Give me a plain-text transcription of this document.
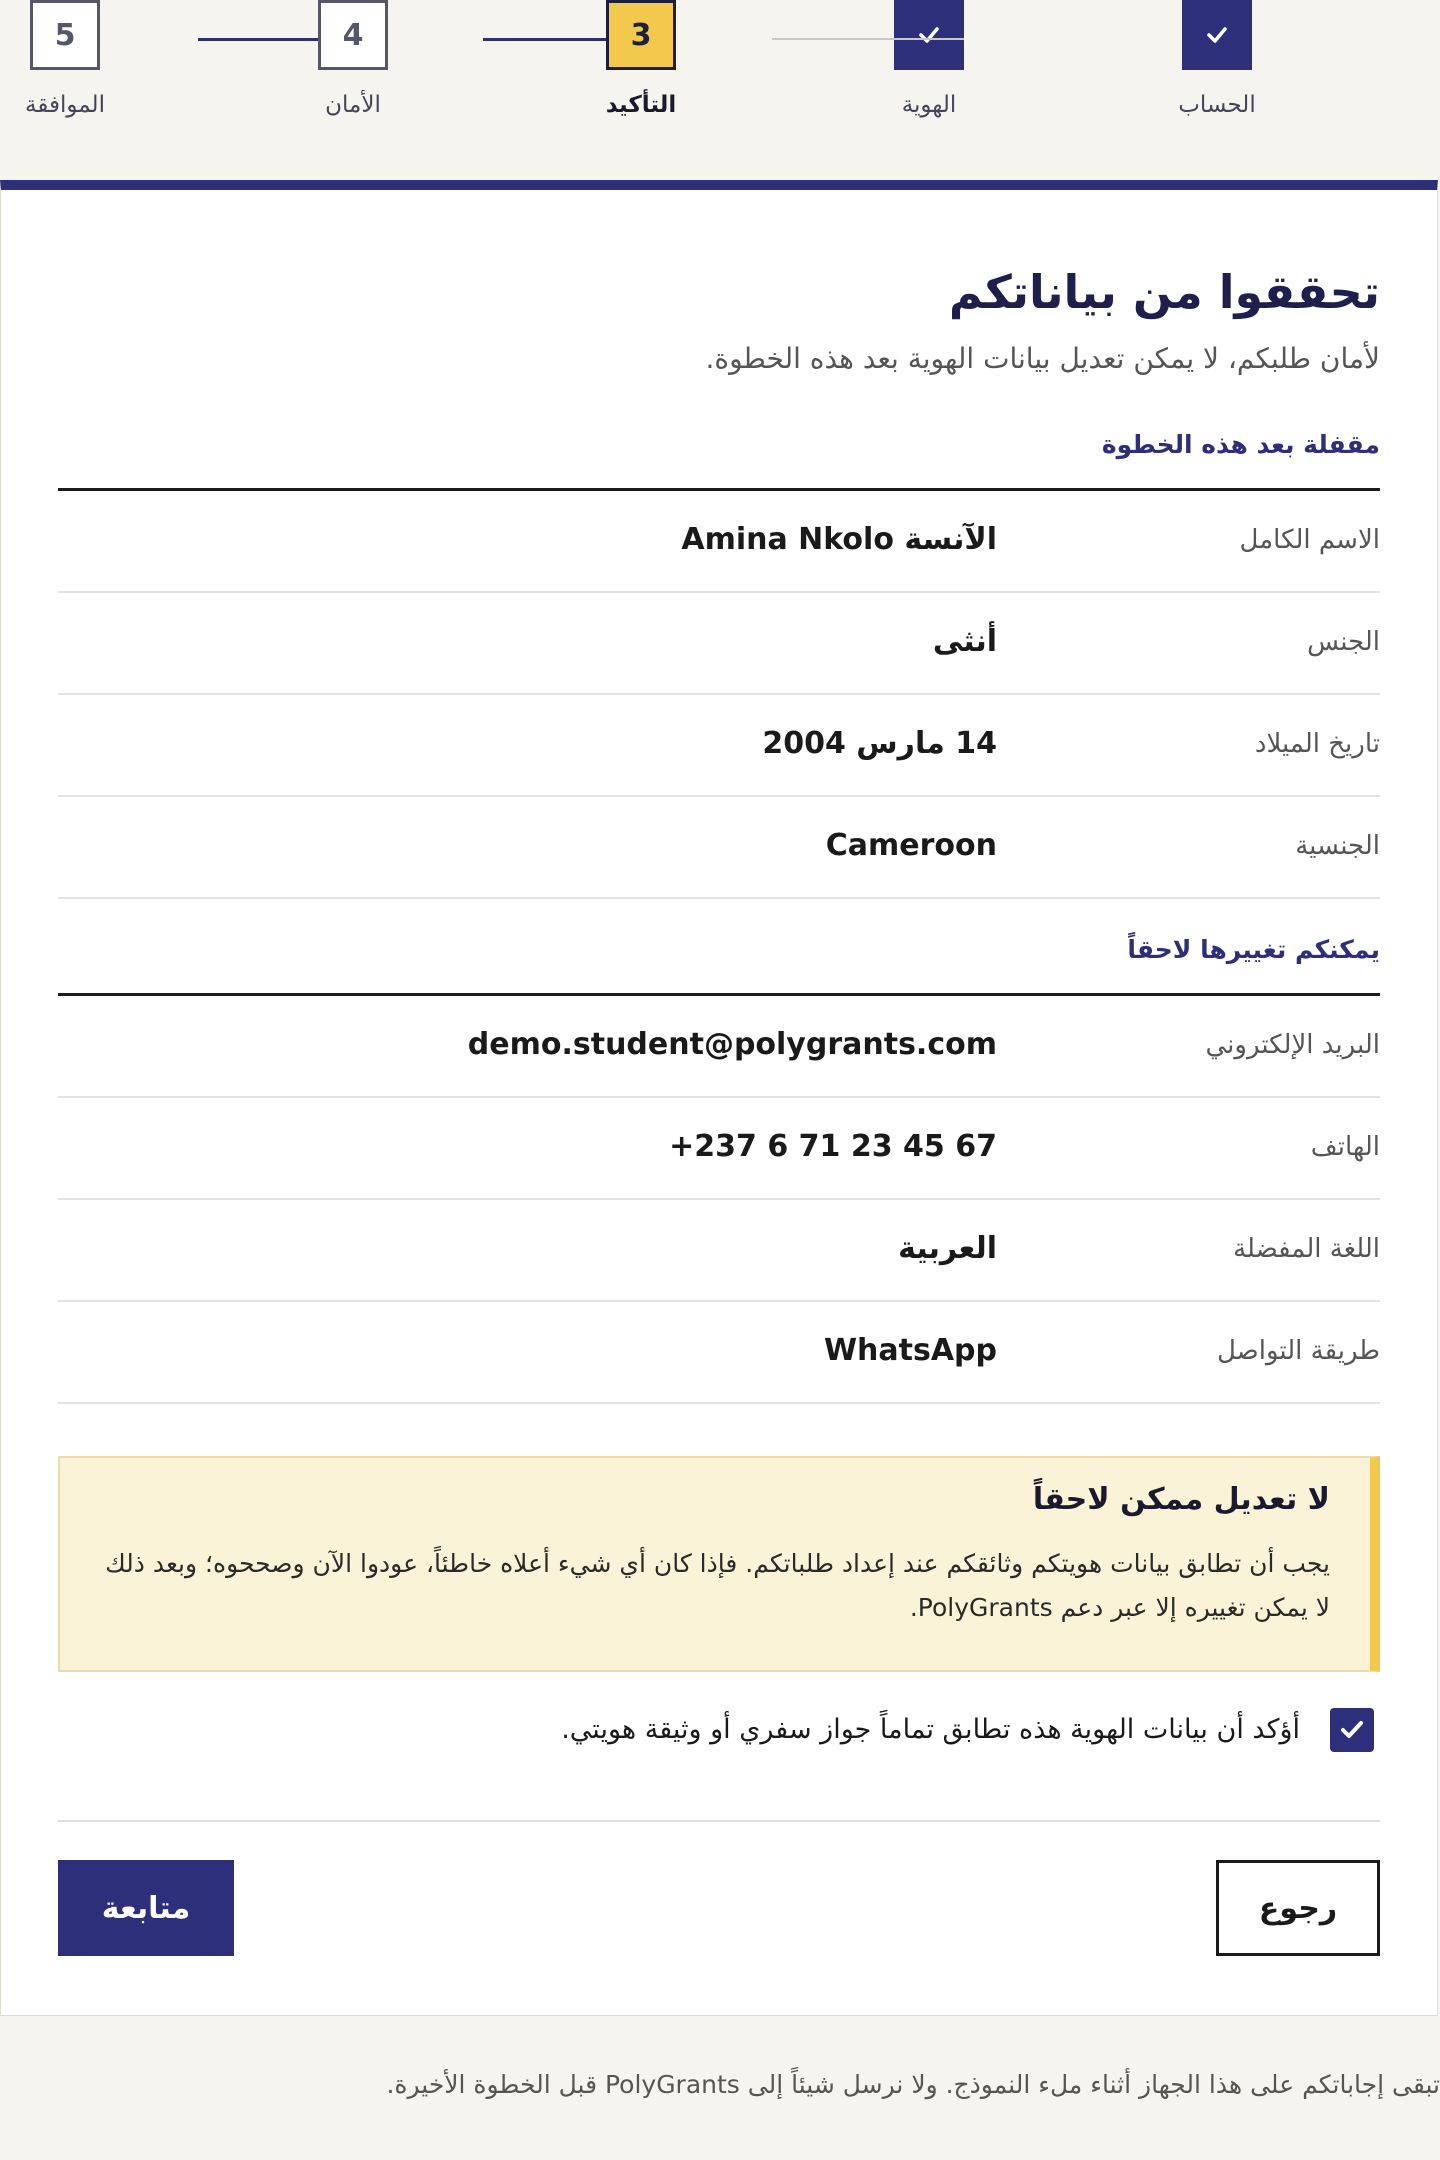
الحساب
الهوية
3
التأكيد
4
الأمان
5
الموافقة
تحققوا من بياناتكم

لأمان طلبكم، لا يمكن تعديل بيانات الهوية بعد هذه الخطوة.

مقفلة بعد هذه الخطوة
الاسم الكامل
الآنسة Amina Nkolo
الجنس
أنثى
تاريخ الميلاد
14 مارس 2004
الجنسية
Cameroon
يمكنكم تغييرها لاحقاً
البريد الإلكتروني
demo.student@polygrants.com
الهاتف
+237 6 71 23 45 67
اللغة المفضلة
العربية
طريقة التواصل
WhatsApp
لا تعديل ممكن لاحقاً

يجب أن تطابق بيانات هويتكم وثائقكم عند إعداد طلباتكم. فإذا كان أي شيء أعلاه خاطئاً، عودوا الآن وصححوه؛ وبعد ذلك لا يمكن تغييره إلا عبر دعم PolyGrants.

أؤكد أن بيانات الهوية هذه تطابق تماماً جواز سفري أو وثيقة هويتي.
رجوع
متابعة
تبقى إجاباتكم على هذا الجهاز أثناء ملء النموذج. ولا نرسل شيئاً إلى PolyGrants قبل الخطوة الأخيرة.
